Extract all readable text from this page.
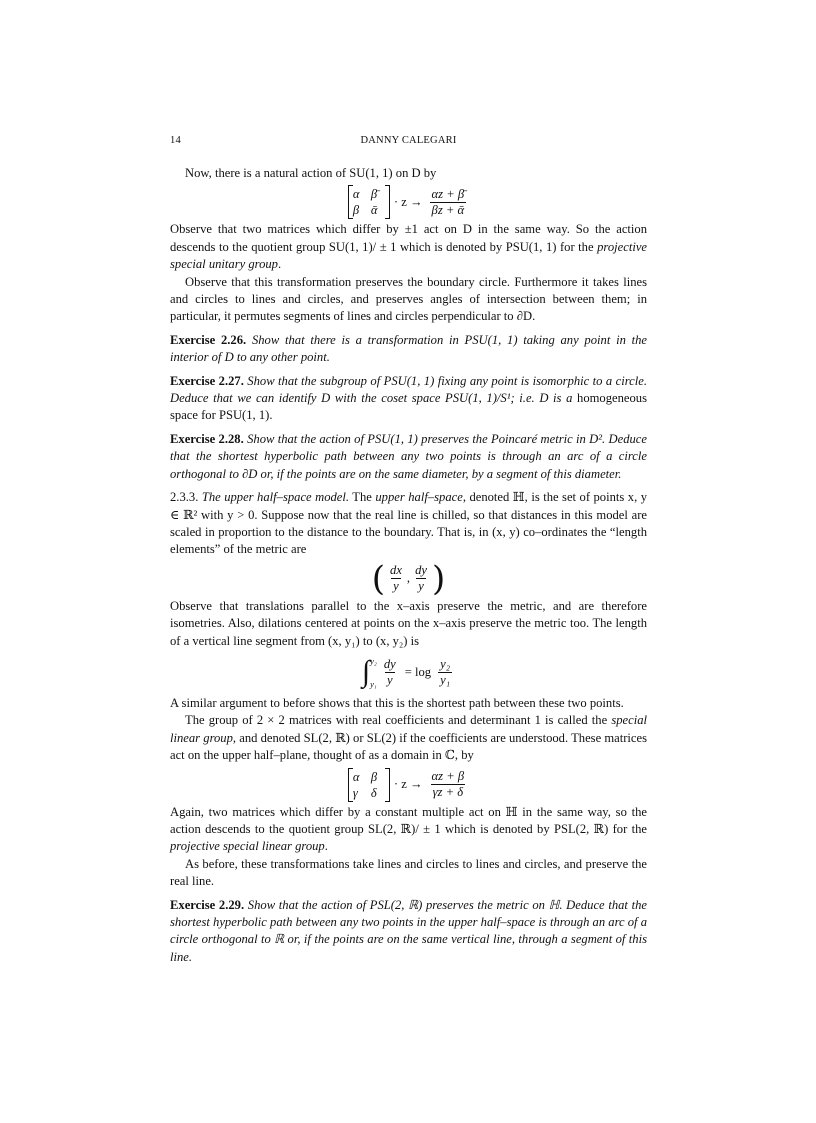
14	DANNY CALEGARI

Now, there is a natural action of SU(1, 1) on D by

α β̄
β ᾱ
· $z \to \frac{\alpha z + \betā}{\text{βz + ᾱ}}$

Observe that two matrices which differ by ±1 act on D in the same way. So the action descends to the quotient group SU(1, 1)/ ± 1 which is denoted by PSU(1, 1) for the projective special unitary group.

Observe that this transformation preserves the boundary circle. Furthermore it takes lines and circles to lines and circles, and preserves angles of intersection between them; in particular, it permutes segments of lines and circles perpendicular to ∂D.

Exercise 2.26. Show that there is a transformation in PSU(1, 1) taking any point in the interior of D to any other point.

Exercise 2.27. Show that the subgroup of PSU(1, 1) fixing any point is isomorphic to a circle. Deduce that we can identify D with the coset space PSU(1, 1)/S¹; i.e. D is a homogeneous space for PSU(1, 1).

Exercise 2.28. Show that the action of PSU(1, 1) preserves the Poincaré metric in D². Deduce that the shortest hyperbolic path between any two points is through an arc of a circle orthogonal to ∂D or, if the points are on the same diameter, by a segment of this diameter.

2.3.3. The upper half–space model. The upper half–space, denoted ℍ, is the set of points x, y ∈ ℝ² with y > 0. Suppose now that the real line is chilled, so that distances in this model are scaled in proportion to the distance to the boundary. That is, in (x, y) co–ordinates the “length elements” of the metric are

( $\frac{dx}{y}$ , $\frac{dy}{y}$ )

Observe that translations parallel to the x–axis preserve the metric, and are therefore isometries. Also, dilations centered at points on the x–axis preserve the metric too. The length of a vertical line segment from (x, y₁) to (x, y₂) is

∫ y₂
$y_1 \frac{dy}{y} = \log \frac{\text{y₂}}{\text{y₁}}$

A similar argument to before shows that this is the shortest path between these two points.

The group of 2 × 2 matrices with real coefficients and determinant 1 is called the special linear group, and denoted SL(2, ℝ) or SL(2) if the coefficients are understood. These matrices act on the upper half–plane, thought of as a domain in ℂ, by

α β
γ	δ
· $z \to \frac{\alpha z + \beta}{\gamma z + \delta}$

Again, two matrices which differ by a constant multiple act on ℍ in the same way, so the action descends to the quotient group SL(2, ℝ)/ ± 1 which is denoted by PSL(2, ℝ) for the projective special linear group.

As before, these transformations take lines and circles to lines and circles, and preserve the real line.

Exercise 2.29. Show that the action of PSL(2, ℝ) preserves the metric on ℍ. Deduce that the shortest hyperbolic path between any two points in the upper half–space is through an arc of a circle orthogonal to ℝ or, if the points are on the same vertical line, through a segment of this line.
